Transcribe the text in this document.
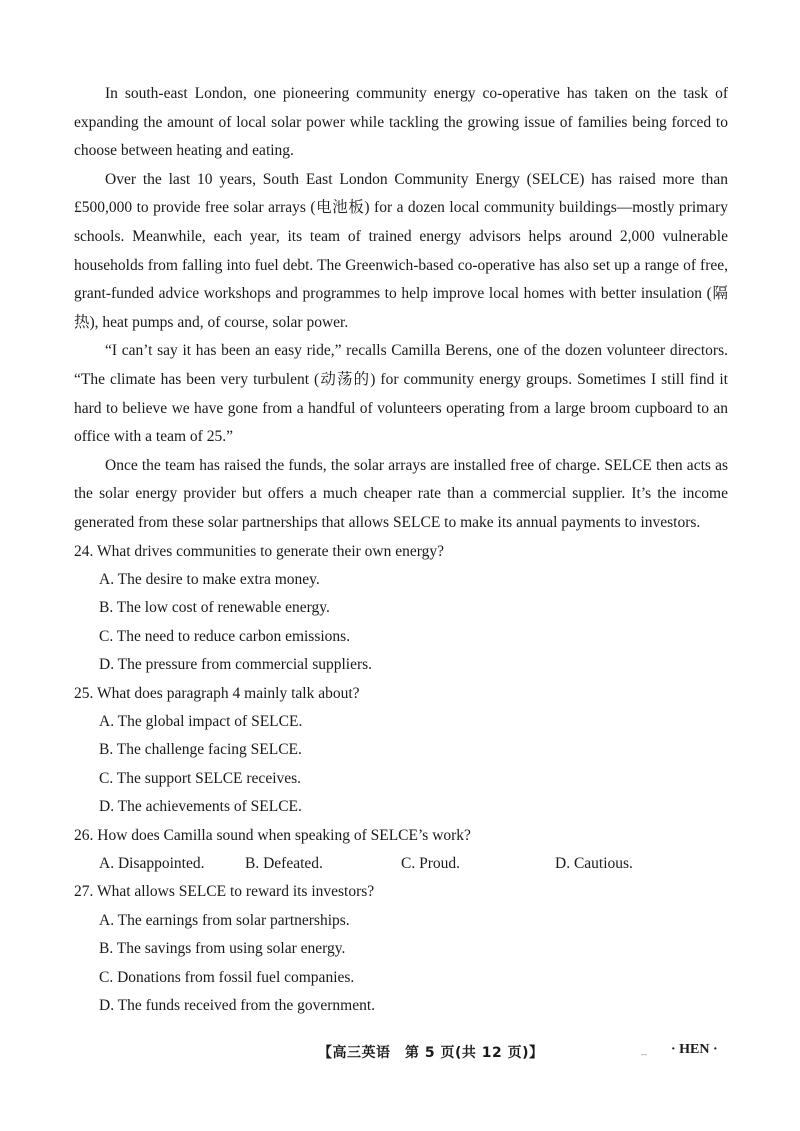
In south-east London, one pioneering community energy co-operative has taken on the task of expanding the amount of local solar power while tackling the growing issue of families being forced to choose between heating and eating.

Over the last 10 years, South East London Community Energy (SELCE) has raised more than £500,000 to provide free solar arrays (电池板) for a dozen local community buildings—mostly primary schools. Meanwhile, each year, its team of trained energy advisors helps around 2,000 vulnerable households from falling into fuel debt. The Greenwich-based co-operative has also set up a range of free, grant-funded advice workshops and programmes to help improve local homes with better insulation (隔热), heat pumps and, of course, solar power.

“I can’t say it has been an easy ride,” recalls Camilla Berens, one of the dozen volunteer directors. “The climate has been very turbulent (动荡的) for community energy groups. Sometimes I still find it hard to believe we have gone from a handful of volunteers operating from a large broom cupboard to an office with a team of 25.”

Once the team has raised the funds, the solar arrays are installed free of charge. SELCE then acts as the solar energy provider but offers a much cheaper rate than a commercial supplier. It’s the income generated from these solar partnerships that allows SELCE to make its annual payments to investors.

24. What drives communities to generate their own energy?

A. The desire to make extra money.

B. The low cost of renewable energy.

C. The need to reduce carbon emissions.

D. The pressure from commercial suppliers.

25. What does paragraph 4 mainly talk about?

A. The global impact of SELCE.

B. The challenge facing SELCE.

C. The support SELCE receives.

D. The achievements of SELCE.

26. How does Camilla sound when speaking of SELCE’s work?

A. Disappointed.	B. Defeated.	C. Proud.	D. Cautious.

27. What allows SELCE to reward its investors?

A. The earnings from solar partnerships.

B. The savings from using solar energy.

C. Donations from fossil fuel companies.

D. The funds received from the government.

【高三英语　第 5 页(共 12 页)】	-- · HEN ·
